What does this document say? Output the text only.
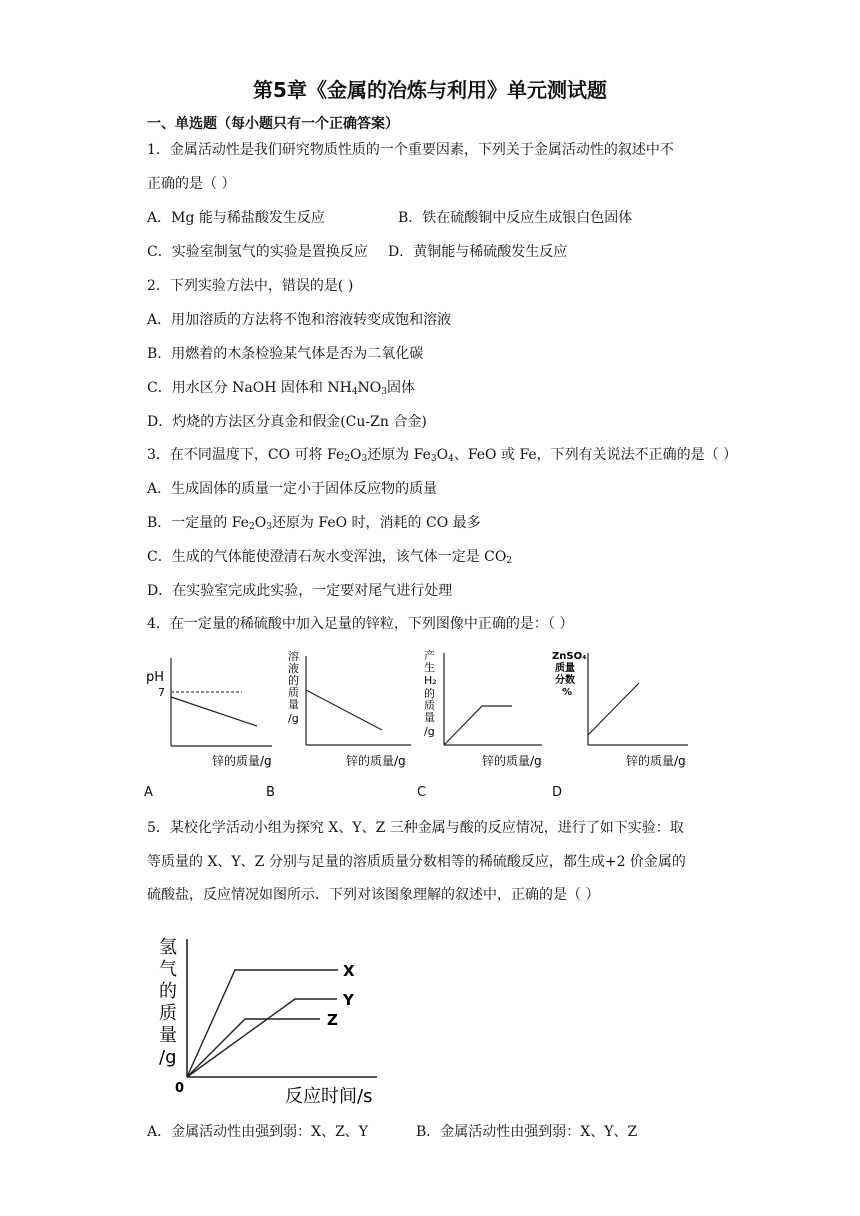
第5章《金属的冶炼与利用》单元测试题
一、单选题（每小题只有一个正确答案）
1．金属活动性是我们研究物质性质的一个重要因素，下列关于金属活动性的叙述中不
正确的是（ ）
A．Mg 能与稀盐酸发生反应	B．铁在硫酸铜中反应生成银白色固体
C．实验室制氢气的实验是置换反应 D．黄铜能与稀硫酸发生反应
2．下列实验方法中，错误的是( )
A．用加溶质的方法将不饱和溶液转变成饱和溶液
B．用燃着的木条检验某气体是否为二氧化碳
C．用水区分 NaOH 固体和 $NH_4NO_3$固体
D．灼烧的方法区分真金和假金(Cu-Zn 合金)
3．在不同温度下，CO 可将 $Fe_2O_3$还原为 $Fe_3O_4$、FeO 或 Fe，下列有关说法不正确的是（ ）
A．生成固体的质量一定小于固体反应物的质量
B．一定量的 $Fe_2O_3$还原为 FeO 时，消耗的 CO 最多
C．生成的气体能使澄清石灰水变浑浊，该气体一定是 $CO_2$
D．在实验室完成此实验，一定要对尾气进行处理
4．在一定量的稀硫酸中加入足量的锌粒，下列图像中正确的是：（ ）
pH
7
锌的质量/g
A
溶
液
的
质
量
/g
锌的质量/g
B
产
生
H₂
的
质
量
/g
锌的质量/g
C
ZnSO₄
质量
分数
%
锌的质量/g
D
5．某校化学活动小组为探究 X、Y、Z 三种金属与酸的反应情况，进行了如下实验：取
等质量的 X、Y、Z 分别与足量的溶质质量分数相等的稀硫酸反应，都生成+2 价金属的
硫酸盐，反应情况如图所示．下列对该图象理解的叙述中，正确的是（ ）
氢
气
的
质
量
/g
0	反应时间/s
X
Y
Z
A．金属活动性由强到弱：X、Z、Y	B．金属活动性由强到弱：X、Y、Z
